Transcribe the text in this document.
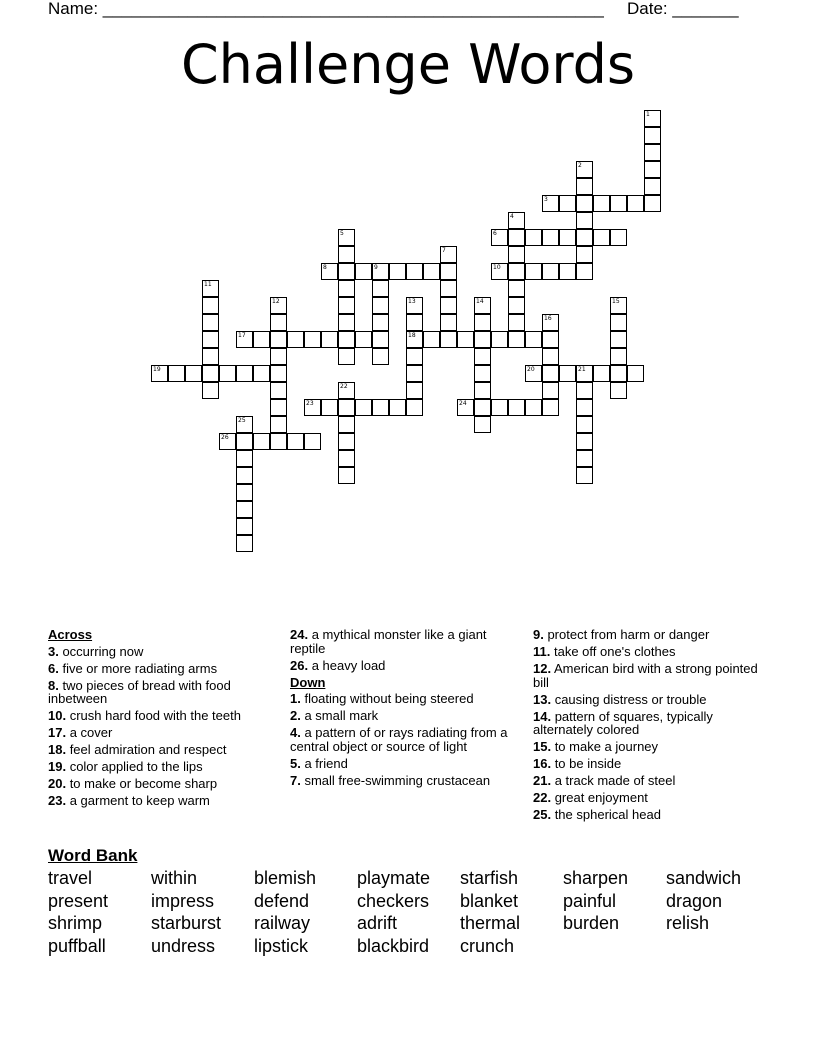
Name: _____________________________________________________ Date: _______
Challenge Words
3
6
8	10
17	18
19	20
23	24
26
1
2
4
5
7
9
11
12	13	14	15
16
21
22
25
Across
3. occurring now
6. five or more radiating arms
8. two pieces of bread with food inbetween
10. crush hard food with the teeth
17. a cover
18. feel admiration and respect
19. color applied to the lips
20. to make or become sharp
23. a garment to keep warm
24. a mythical monster like a giant reptile
26. a heavy load
Down
1. floating without being steered
2. a small mark
4. a pattern of or rays radiating from a central object or source of light
5. a friend
7. small free-swimming crustacean
9. protect from harm or danger
11. take off one's clothes
12. American bird with a strong pointed bill
13. causing distress or trouble
14. pattern of squares, typically alternately colored
15. to make a journey
16. to be inside
21. a track made of steel
22. great enjoyment
25. the spherical head
Word Bank
travel	within	blemish playmate starfish sharpen sandwich
present impress defend	checkers blanket painful	dragon
shrimp	starburst railway	adrift	thermal burden	relish
puffball	undress lipstick	blackbird crunch
